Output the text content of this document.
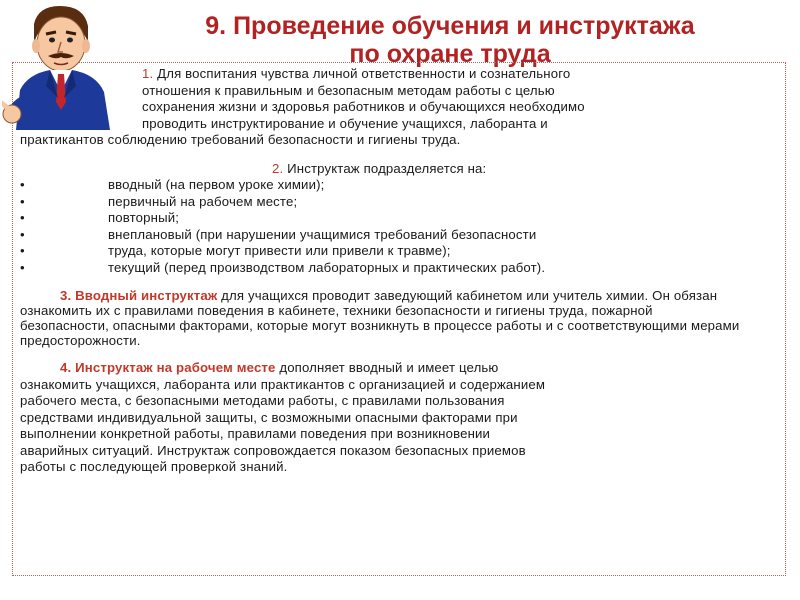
9. Проведение обучения и инструктажа
по охране труда

1. Для воспитания чувства личной ответственности и сознательного

отношения к правильным и безопасным методам работы с целью

сохранения жизни и здоровья работников и обучающихся необходимо

проводить инструктирование и обучение учащихся, лаборанта и

практикантов соблюдению требований безопасности и гигиены труда.

2. Инструктаж подразделяется на:

•	вводный (на первом уроке химии);

•	первичный на рабочем месте;

•	повторный;

•	внеплановый (при нарушении учащимися требований безопасности

•	труда, которые могут привести или привели к травме);

•	текущий (перед производством лабораторных и практических работ).

3. Вводный инструктаж для учащихся проводит заведующий кабинетом или учитель химии. Он обязан ознакомить их с правилами поведения в кабинете, техники безопасности и гигиены труда, пожарной безопасности, опасными факторами, которые могут возникнуть в процессе работы и с соответствующими мерами предосторожности.

4. Инструктаж на рабочем месте дополняет вводный и имеет целью

ознакомить учащихся, лаборанта или практикантов с организацией и содержанием

рабочего места, с безопасными методами работы, с правилами пользования

средствами индивидуальной защиты, с возможными опасными факторами при

выполнении конкретной работы, правилами поведения при возникновении

аварийных ситуаций. Инструктаж сопровождается показом безопасных приемов

работы с последующей проверкой знаний.
